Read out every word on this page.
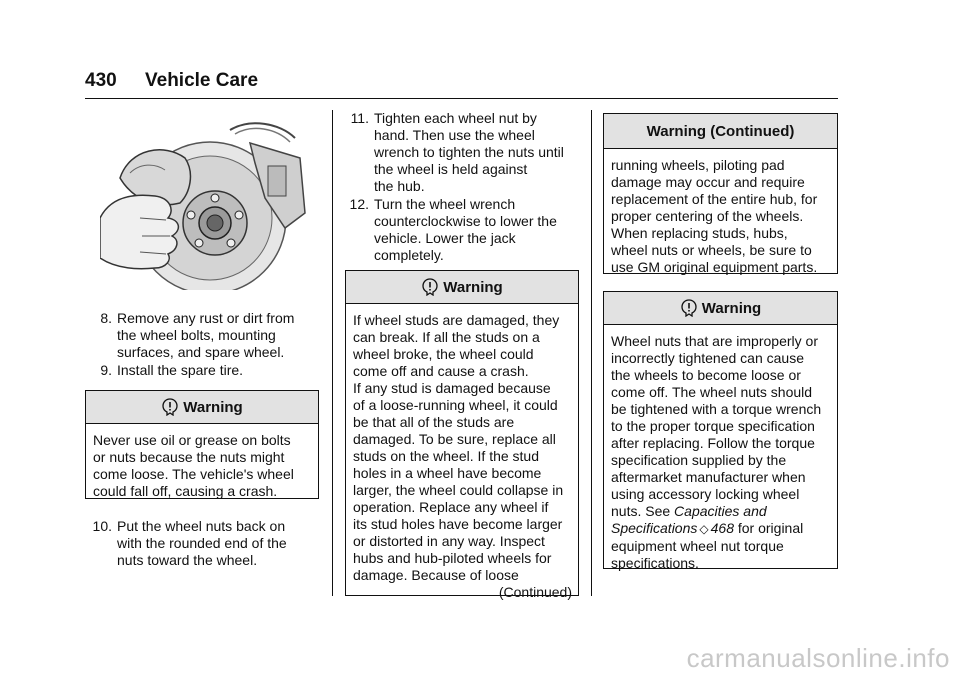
430 Vehicle Care
8. Remove any rust or dirt from
the wheel bolts, mounting
surfaces, and spare wheel.
9. Install the spare tire.
Warning
Never use oil or grease on bolts
or nuts because the nuts might
come loose. The vehicle's wheel
could fall off, causing a crash.
10. Put the wheel nuts back on
with the rounded end of the
nuts toward the wheel.
11. Tighten each wheel nut by
hand. Then use the wheel
wrench to tighten the nuts until
the wheel is held against
the hub.
12. Turn the wheel wrench
counterclockwise to lower the
vehicle. Lower the jack
completely.
Warning
If wheel studs are damaged, they
can break. If all the studs on a
wheel broke, the wheel could
come off and cause a crash.
If any stud is damaged because
of a loose-running wheel, it could
be that all of the studs are
damaged. To be sure, replace all
studs on the wheel. If the stud
holes in a wheel have become
larger, the wheel could collapse in
operation. Replace any wheel if
its stud holes have become larger
or distorted in any way. Inspect
hubs and hub-piloted wheels for
damage. Because of loose
(Continued)
Warning (Continued)
running wheels, piloting pad
damage may occur and require
replacement of the entire hub, for
proper centering of the wheels.
When replacing studs, hubs,
wheel nuts or wheels, be sure to
use GM original equipment parts.
Warning
Wheel nuts that are improperly or
incorrectly tightened can cause
the wheels to become loose or
come off. The wheel nuts should
be tightened with a torque wrench
to the proper torque specification
after replacing. Follow the torque
specification supplied by the
aftermarket manufacturer when
using accessory locking wheel
nuts. See Capacities and
Specifications ◇ 468 for original
equipment wheel nut torque
specifications.
carmanualsonline.info
